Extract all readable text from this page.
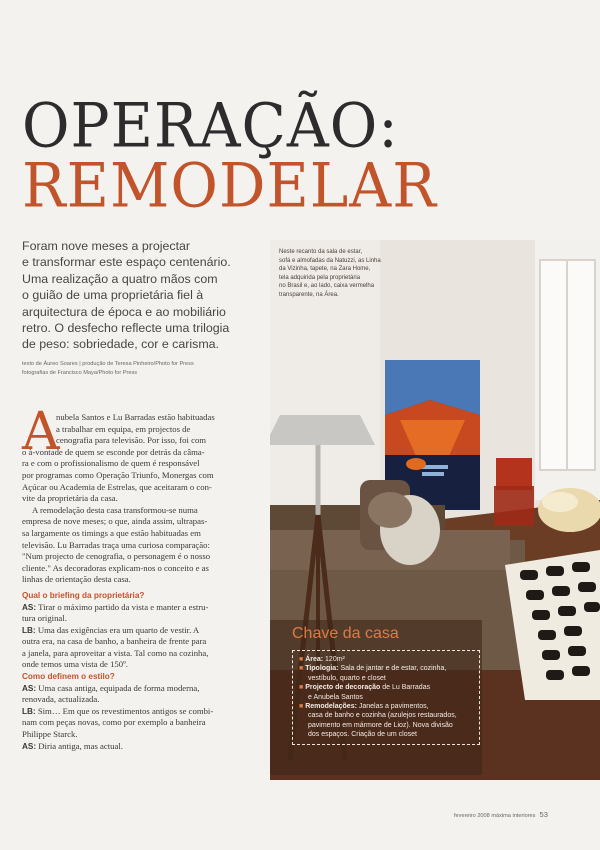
OPERAÇÃO:
REMODELAR

Foram nove meses a projectar

e transformar este espaço centenário.

Uma realização a quatro mãos com

o guião de uma proprietária fiel à

arquitectura de época e ao mobiliário

retro. O desfecho reflecte uma trilogia

de peso: sobriedade, cor e carisma.

texto de Áureo Soares | produção de Teresa Pinheiro/Photo for Press

fotografias de Francisco Maya/Photo for Press

A

nubela Santos e Lu Barradas estão habituadas

a trabalhar em equipa, em projectos de

cenografia para televisão. Por isso, foi com

o à-vontade de quem se esconde por detrás da câma-

ra e com o profissionalismo de quem é responsável

por programas como Operação Triunfo, Monergas com

Açúcar ou Academia de Estrelas, que aceitaram o con-

vite da proprietária da casa.

A remodelação desta casa transformou-se numa

empresa de nove meses; o que, ainda assim, ultrapas-

sa largamente os timings a que estão habituadas em

televisão. Lu Barradas traça uma curiosa comparação:

"Num projecto de cenografia, o personagem é o nosso

cliente." As decoradoras explicam-nos o conceito e as

linhas de orientação desta casa.

Qual o briefing da proprietária?

AS: Tirar o máximo partido da vista e manter a estru-

tura original.

LB: Uma das exigências era um quarto de vestir. A

outra era, na casa de banho, a banheira de frente para

a janela, para aproveitar a vista. Tal como na cozinha,

onde temos uma vista de 150º.

Como definem o estilo?

AS: Uma casa antiga, equipada de forma moderna,

renovada, actualizada.

LB: Sim… Em que os revestimentos antigos se combi-

nam com peças novas, como por exemplo a banheira

Philippe Starck.

AS: Diria antiga, mas actual.

Neste recanto da sala de estar,

sofá e almofadas da Natuzzi, as Linha

da Vizinha, tapete, na Zara Home,

tela adquirida pela proprietária

no Brasil e, ao lado, caixa vermelha

transparente, na Área.

Chave da casa

■ Área: 120m²

■ Tipologia: Sala de jantar e de estar, cozinha,

vestíbulo, quarto e closet

■ Projecto de decoração de Lu Barradas

e Anubela Santos

■ Remodelações: Janelas a pavimentos,

casa de banho e cozinha (azulejos restaurados,

pavimento em mármore de Lioz). Nova divisão

dos espaços. Criação de um closet

fevereiro 2008 máxima interiores 53
